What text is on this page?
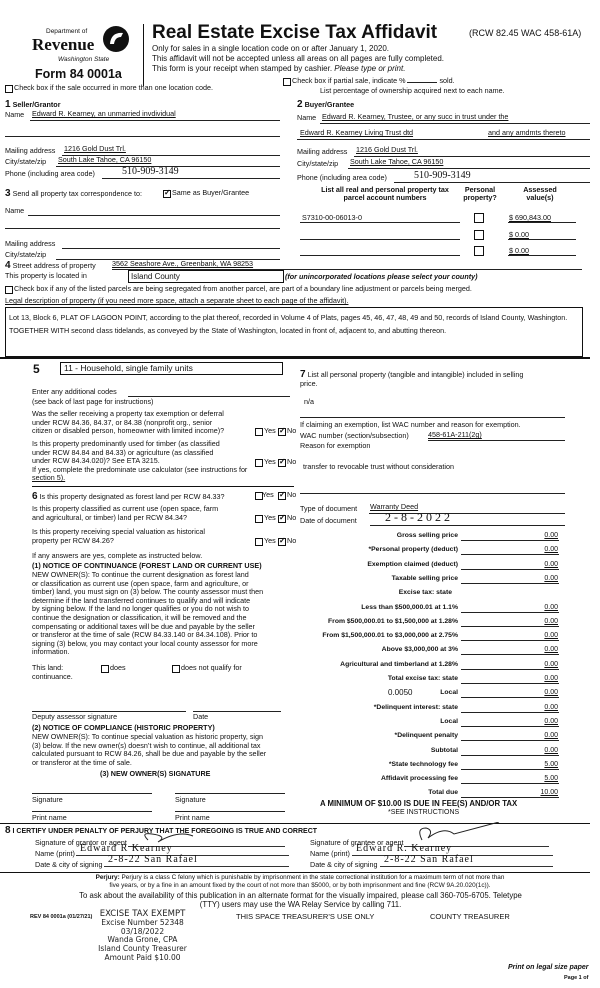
Department of
Revenue
Washington State
Form 84 0001a
Real Estate Excise Tax Affidavit	(RCW 82.45 WAC 458-61A)
Only for sales in a single location code on or after January 1, 2020.
This affidavit will not be accepted unless all areas on all pages are fully completed.
This form is your receipt when stamped by cashier. Please type or print.
Check box if the sale occurred in more than one location code.
Check box if partial sale, indicate %	sold.
List percentage of ownership acquired next to each name.
1 Seller/Grantor
Name Edward R. Kearney, an unmarried invdividual
Mailing address 1216 Gold Dust Trl.
City/state/zip South Lake Tahoe, CA 96150
Phone (including area code)	510-909-3149
2 Buyer/Grantee
Name Edward R. Kearney, Trustee, or any succ in trust under the
Edward R. Kearney Living Trust dtd	and any amdmts thereto
Mailing address 1216 Gold Dust Trl.
City/state/zip South Lake Tahoe, CA 96150
Phone (including area code)	510-909-3149
3 Send all property tax correspondence to: ✓	Same as Buyer/Grantee
Name
Mailing address
City/state/zip
List all real and personal property tax
parcel account numbers
Personal
property?
Assessed
value(s)
S7310-00-06013-0	$ 690,843.00
$ 0.00
$ 0.00
4 Street address of property 3562 Seashore Ave., Greenbank, WA 98253
This property is located in	Island County	(for unincorporated locations please select your county)
Check box if any of the listed parcels are being segregated from another parcel, are part of a boundary line adjustment or parcels being merged.
Legal description of property (if you need more space, attach a separate sheet to each page of the affidavit).
Lot 13, Block 6, PLAT OF LAGOON POINT, according to the plat thereof, recorded in Volume 4 of Plats, pages 45, 46, 47, 48, 49 and 50, records of Island County, Washington. TOGETHER WITH second class tidelands, as conveyed by the State of Washington, located in front of, adjacent to, and abutting thereon.
5	11 - Household, single family units
Enter any additional codes
(see back of last page for instructions)
Was the seller receiving a property tax exemption or deferral
under RCW 84.36, 84.37, or 84.38 (nonprofit org., senior
citizen or disabled person, homeowner with limited income)?	Yes ✓ No
Is this property predominantly used for timber (as classified
under RCW 84.84 and 84.33) or agriculture (as classified
under RCW 84.34.020)? See ETA 3215.
If yes, complete the predominate use calculator (see instructions for
section 5).
Yes ✓ No
6 Is this property designated as forest land per RCW 84.33?	Yes ✓ No
Is this property classified as current use (open space, farm
and agricultural, or timber) land per RCW 84.34?	Yes ✓ No
Is this property receiving special valuation as historical
property per RCW 84.26?	Yes ✓ No
If any answers are yes, complete as instructed below.
(1) NOTICE OF CONTINUANCE (FOREST LAND OR CURRENT USE)
NEW OWNER(S): To continue the current designation as forest land
or classification as current use (open space, farm and agriculture, or
timber) land, you must sign on (3) below. The county assessor must then
determine if the land transferred continues to qualify and will indicate
by signing below. If the land no longer qualifies or you do not wish to
continue the designation or classification, it will be removed and the
compensating or additional taxes will be due and payable by the seller
or transferor at the time of sale (RCW 84.33.140 or 84.34.108). Prior to
signing (3) below, you may contact your local county assessor for more
information.
This land:
continuance.
does	does not qualify for
Deputy assessor signature	Date
(2) NOTICE OF COMPLIANCE (HISTORIC PROPERTY)
NEW OWNER(S): To continue special valuation as historic property, sign
(3) below. If the new owner(s) doesn’t wish to continue, all additional tax
calculated pursuant to RCW 84.26, shall be due and payable by the seller
or transferor at the time of sale.
(3) NEW OWNER(S) SIGNATURE
Signature	Signature
Print name	Print name
7 List all personal property (tangible and intangible) included in selling
price.
n/a
If claiming an exemption, list WAC number and reason for exemption.
WAC number (section/subsection)	458-61A-211(2g)
Reason for exemption
transfer to revocable trust without consideration
Type of document Warranty Deed
Date of document 2-8-2022
Gross selling price	0.00
*Personal property (deduct)	0.00
Exemption claimed (deduct)	0.00
Taxable selling price	0.00
Excise tax: state
Less than $500,000.01 at 1.1%	0.00
From $500,000.01 to $1,500,000 at 1.28%	0.00
From $1,500,000.01 to $3,000,000 at 2.75%	0.00
Above $3,000,000 at 3%	0.00
Agricultural and timberland at 1.28%	0.00
Total excise tax: state	0.00
Local
0.0050	0.00
*Delinquent interest: state	0.00
Local	0.00
*Delinquent penalty	0.00
Subtotal	0.00
*State technology fee	5.00
Affidavit processing fee	5.00
Total due	10.00
A MINIMUM OF $10.00 IS DUE IN FEE(S) AND/OR TAX
*SEE INSTRUCTIONS
8 I CERTIFY UNDER PENALTY OF PERJURY THAT THE FOREGOING IS TRUE AND CORRECT
Signature of grantor or agent
Name (print) Edward R Kearney
Date & city of signing 2-8-22 San Rafael
Signature of grantee or agent
Name (print) Edward R. Kearney
Date & city of signing 2-8-22 San Rafael
Perjury: Perjury is a class C felony which is punishable by imprisonment in the state correctional institution for a maximum term of not more than
five years, or by a fine in an amount fixed by the court of not more than $5000, or by both imprisonment and fine (RCW 9A.20.020(1c)).
To ask about the availability of this publication in an alternate format for the visually impaired, please call 360-705-6705. Teletype
(TTY) users may use the WA Relay Service by calling 711.
REV 84 0001a (01/27/21) EXCISE TAX EXEMPT
Excise Number 52348
03/18/2022
Wanda Grone, CPA
Island County Treasurer
Amount Paid $10.00
THIS SPACE TREASURER’S USE ONLY	COUNTY TREASURER
Print on legal size paper
Page 1 of
